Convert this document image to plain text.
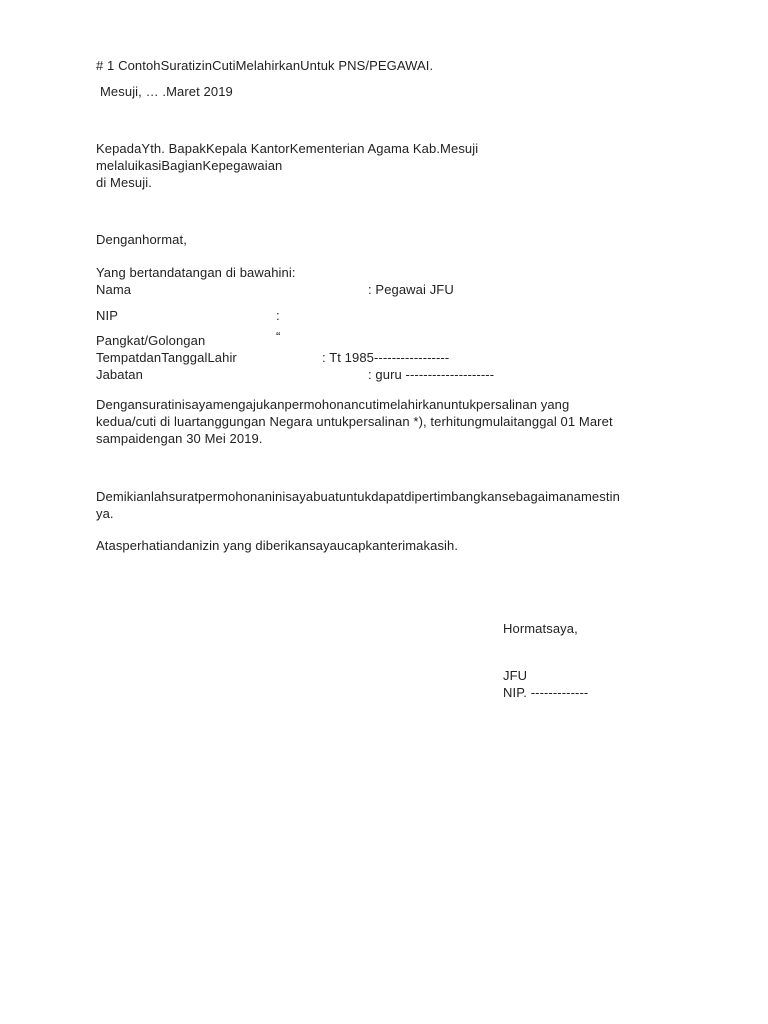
# 1 ContohSuratizinCutiMelahirkanUntuk PNS/PEGAWAI.
Mesuji, … .Maret 2019
KepadaYth. BapakKepala KantorKementerian Agama Kab.Mesuji
melaluikasiBagianKepegawaian
di Mesuji.
Denganhormat,
Yang bertandatangan di bawahini:
Nama	: Pegawai JFU
NIP	:
Pangkat/Golongan	“
TempatdanTanggalLahir	: Tt 1985-----------------
Jabatan	: guru --------------------
Dengansuratinisayamengajukanpermohonancutimelahirkanuntukpersalinan yang
kedua/cuti di luartanggungan Negara untukpersalinan *), terhitungmulaitanggal 01 Maret
sampaidengan 30 Mei 2019.
Demikianlahsuratpermohonaninisayabuatuntukdapatdipertimbangkansebagaimanamestin
ya.
Atasperhatiandanizin yang diberikansayaucapkanterimakasih.
Hormatsaya,
JFU
NIP. -------------
